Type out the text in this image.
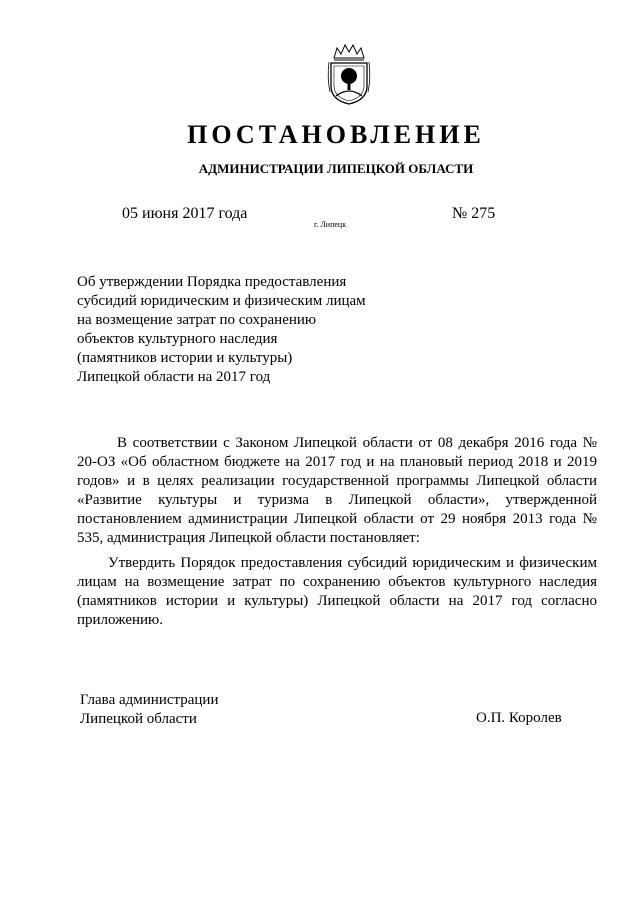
ПОСТАНОВЛЕНИЕ
АДМИНИСТРАЦИИ ЛИПЕЦКОЙ ОБЛАСТИ
05 июня 2017 года
г. Липецк
№ 275
Об утверждении Порядка предоставления
субсидий юридическим и физическим лицам
на возмещение затрат по сохранению
объектов культурного наследия
(памятников истории и культуры)
Липецкой области на 2017 год
В соответствии с Законом Липецкой области от 08 декабря 2016 года №
20-ОЗ «Об областном бюджете на 2017 год и на плановый период 2018 и 2019
годов» и в целях реализации государственной программы Липецкой области
«Развитие культуры и туризма в Липецкой области», утвержденной
постановлением администрации Липецкой области от 29 ноября 2013 года №
535, администрация Липецкой области постановляет:
Утвердить Порядок предоставления субсидий юридическим и физическим
лицам на возмещение затрат по сохранению объектов культурного наследия
(памятников истории и культуры) Липецкой области на 2017 год согласно
приложению.
Глава администрации
Липецкой области	О.П. Королев
